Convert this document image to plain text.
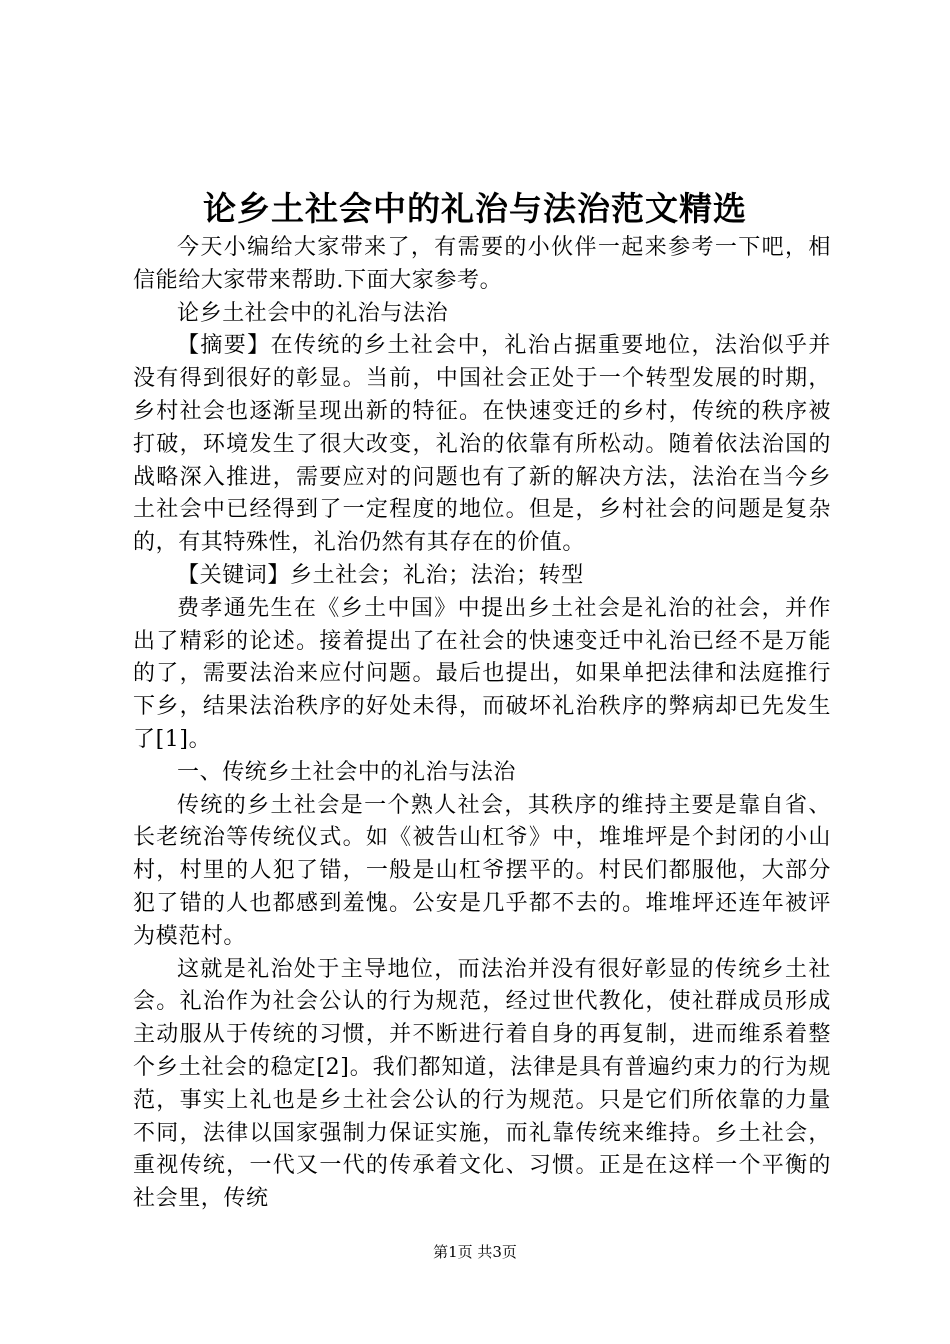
论乡土社会中的礼治与法治范文精选

今天小编给大家带来了，有需要的小伙伴一起来参考一下吧，相信能给大家带来帮助.下面大家参考。

论乡土社会中的礼治与法治

【摘要】在传统的乡土社会中，礼治占据重要地位，法治似乎并没有得到很好的彰显。当前，中国社会正处于一个转型发展的时期，乡村社会也逐渐呈现出新的特征。在快速变迁的乡村，传统的秩序被打破，环境发生了很大改变，礼治的依靠有所松动。随着依法治国的战略深入推进，需要应对的问题也有了新的解决方法，法治在当今乡土社会中已经得到了一定程度的地位。但是，乡村社会的问题是复杂的，有其特殊性，礼治仍然有其存在的价值。

【关键词】乡土社会；礼治；法治；转型

费孝通先生在《乡土中国》中提出乡土社会是礼治的社会，并作出了精彩的论述。接着提出了在社会的快速变迁中礼治已经不是万能的了，需要法治来应付问题。最后也提出，如果单把法律和法庭推行下乡，结果法治秩序的好处未得，而破坏礼治秩序的弊病却已先发生了[1]。

一、传统乡土社会中的礼治与法治

传统的乡土社会是一个熟人社会，其秩序的维持主要是靠自省、长老统治等传统仪式。如《被告山杠爷》中，堆堆坪是个封闭的小山村，村里的人犯了错，一般是山杠爷摆平的。村民们都服他，大部分犯了错的人也都感到羞愧。公安是几乎都不去的。堆堆坪还连年被评为模范村。

这就是礼治处于主导地位，而法治并没有很好彰显的传统乡土社会。礼治作为社会公认的行为规范，经过世代教化，使社群成员形成主动服从于传统的习惯，并不断进行着自身的再复制，进而维系着整个乡土社会的稳定[2]。我们都知道，法律是具有普遍约束力的行为规范，事实上礼也是乡土社会公认的行为规范。只是它们所依靠的力量不同，法律以国家强制力保证实施，而礼靠传统来维持。乡土社会，重视传统，一代又一代的传承着文化、习惯。正是在这样一个平衡的社会里，传统

第1页 共3页
